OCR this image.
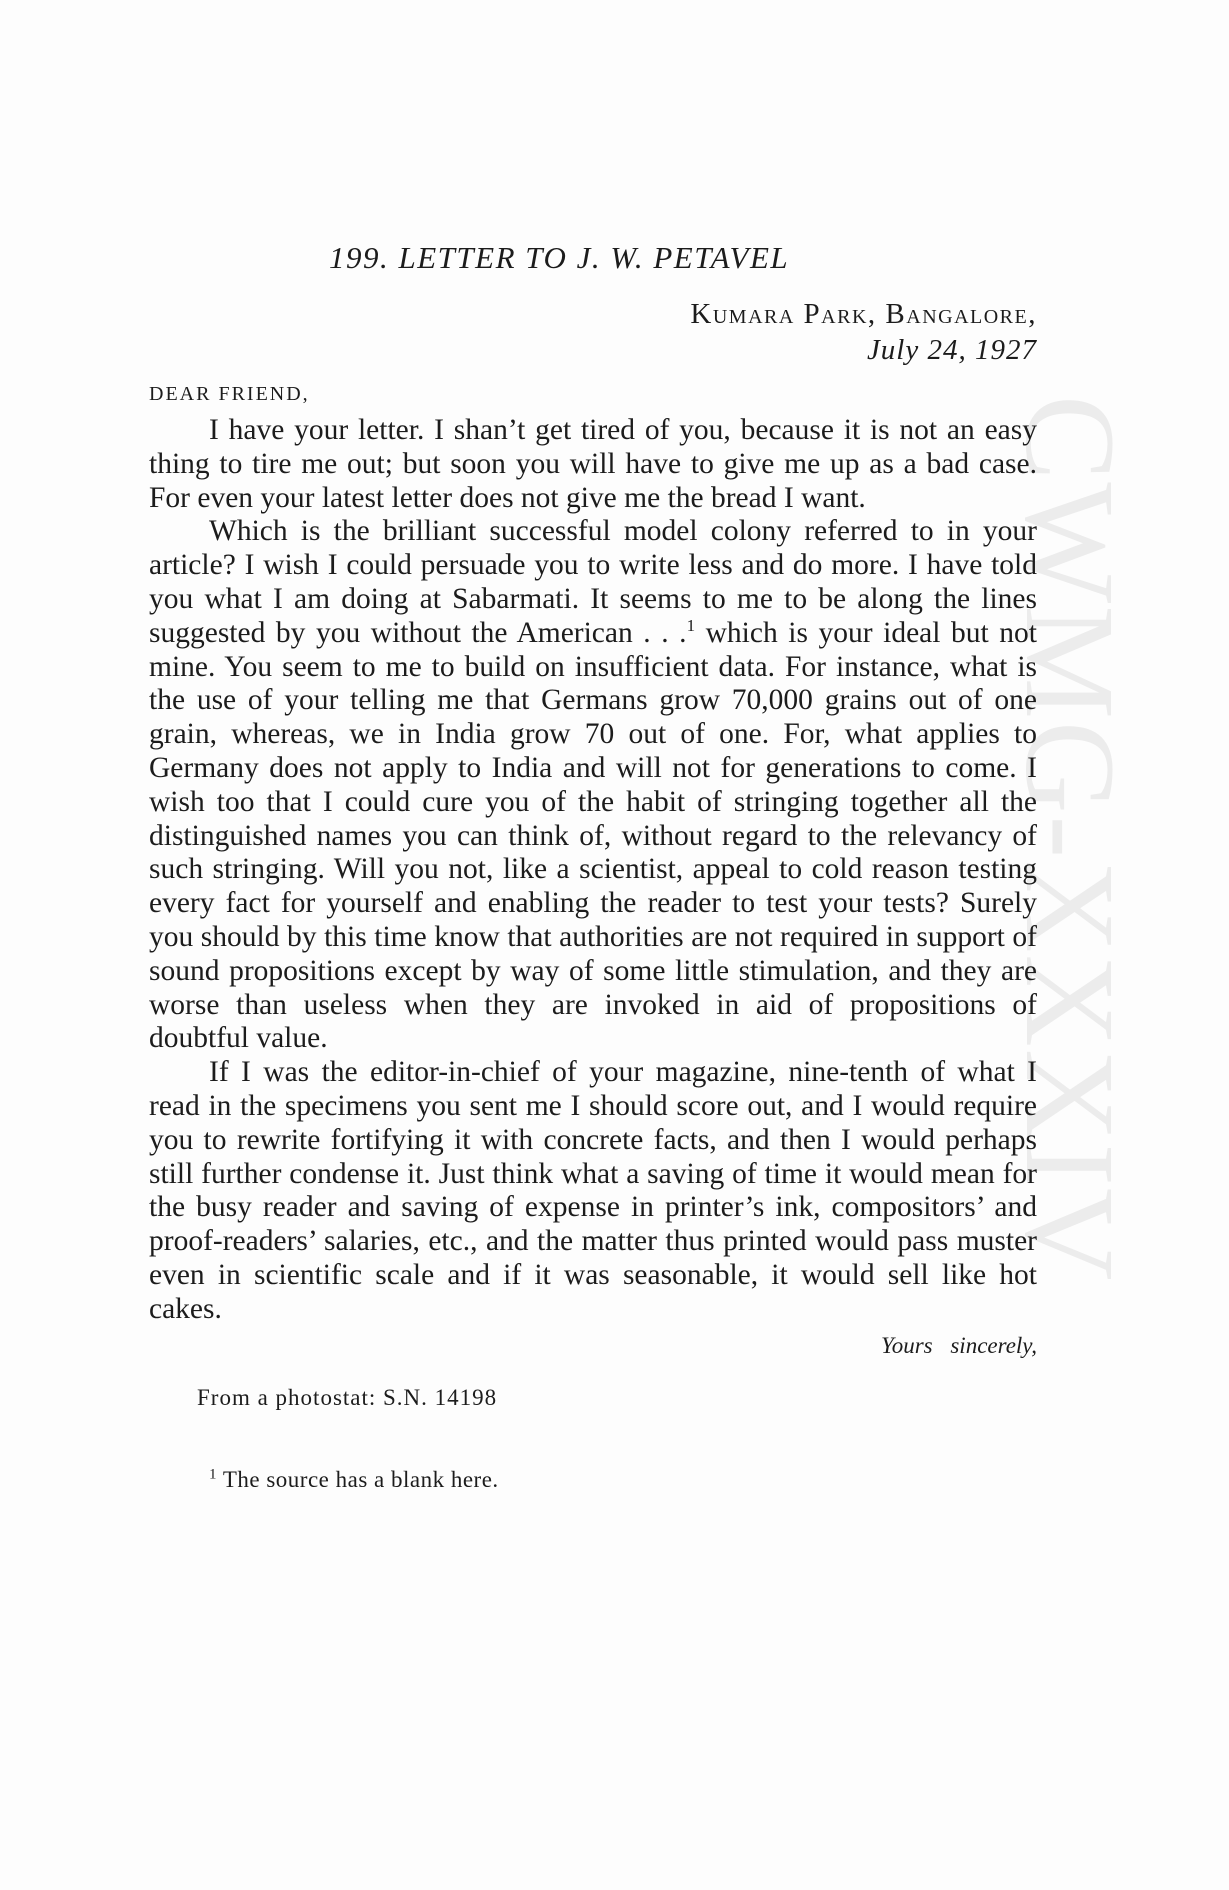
CWMG-XXXIV
199. LETTER TO J. W. PETAVEL

Kumara Park, Bangalore,

July 24, 1927

DEAR FRIEND,

I have your letter. I shan’t get tired of you, because it is not an easy thing to tire me out; but soon you will have to give me up as a bad case. For even your latest letter does not give me the bread I want.

Which is the brilliant successful model colony referred to in your article? I wish I could persuade you to write less and do more. I have told you what I am doing at Sabarmati. It seems to me to be along the lines suggested by you without the American . . .$^1$ which is your ideal but not mine. You seem to me to build on insufficient data. For instance, what is the use of your telling me that Germans grow 70,000 grains out of one grain, whereas, we in India grow 70 out of one. For, what applies to Germany does not apply to India and will not for generations to come. I wish too that I could cure you of the habit of stringing together all the distinguished names you can think of, without regard to the relevancy of such stringing. Will you not, like a scientist, appeal to cold reason testing every fact for yourself and enabling the reader to test your tests? Surely you should by this time know that authorities are not required in support of sound propositions except by way of some little stimulation, and they are worse than useless when they are invoked in aid of propositions of doubtful value.

If I was the editor-in-chief of your magazine, nine-tenth of what I read in the specimens you sent me I should score out, and I would require you to rewrite fortifying it with concrete facts, and then I would perhaps still further condense it. Just think what a saving of time it would mean for the busy reader and saving of expense in printer’s ink, compositors’ and proof-readers’ salaries, etc., and the matter thus printed would pass muster even in scientific scale and if it was seasonable, it would sell like hot cakes.

Yours sincerely,

From a photostat: S.N. 14198

$^1$ The source has a blank here.
